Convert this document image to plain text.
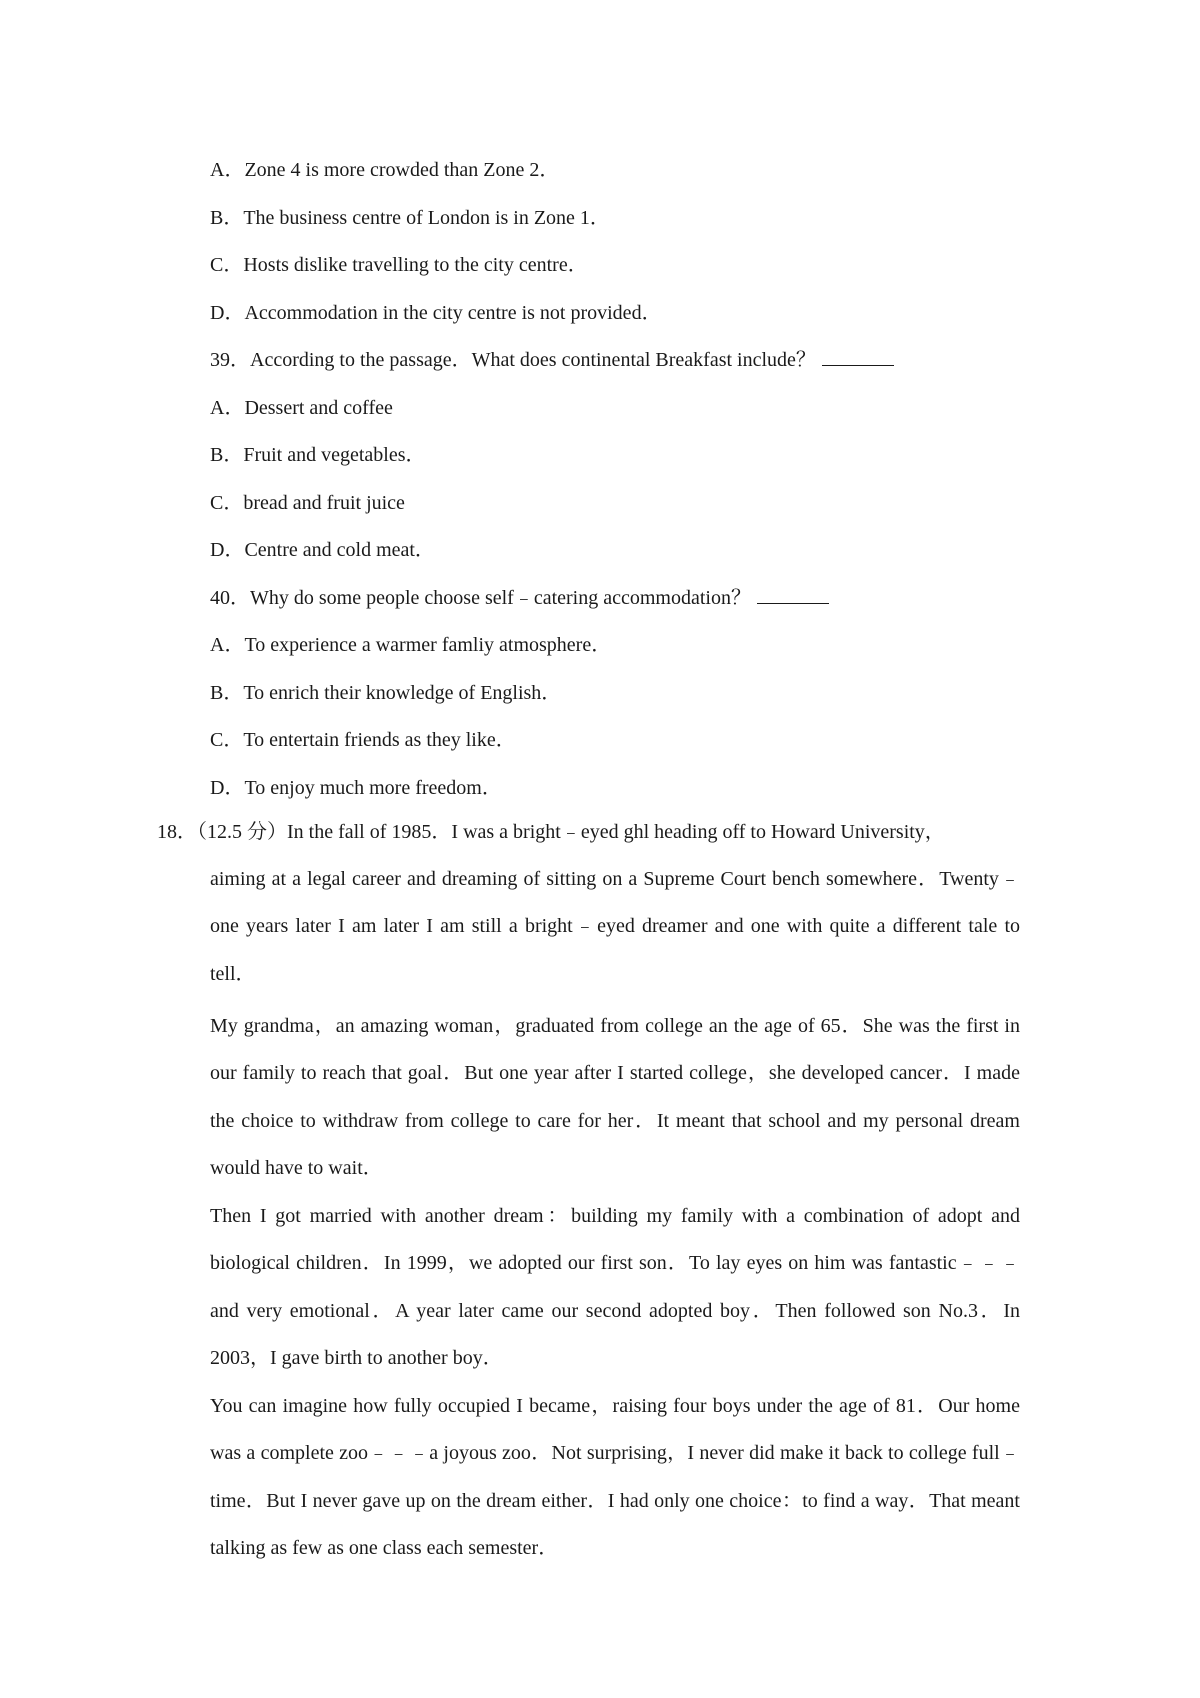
A．Zone 4 is more crowded than Zone 2．
B．The business centre of London is in Zone 1．
C．Hosts dislike travelling to the city centre．
D．Accommodation in the city centre is not provided．
39．According to the passage．What does continental Breakfast include？
A．Dessert and coffee
B．Fruit and vegetables．
C．bread and fruit juice
D．Centre and cold meat．
40．Why do some people choose self﹣catering accommodation？
A．To experience a warmer famliy atmosphere．
B．To enrich their knowledge of English．
C．To entertain friends as they like．
D．To enjoy much more freedom．
18．（12.5 分）In the fall of 1985．I was a bright﹣eyed ghl heading off to Howard University，

aiming at a legal career and dreaming of sitting on a Supreme Court bench somewhere．Twenty﹣one years later I am later I am still a bright﹣eyed dreamer and one with quite a different tale to tell．

My grandma，an amazing woman，graduated from college an the age of 65．She was the first in our family to reach that goal．But one year after I started college，she developed cancer．I made the choice to withdraw from college to care for her．It meant that school and my personal dream would have to wait．

Then I got married with another dream：building my family with a combination of adopt and biological children．In 1999，we adopted our first son．To lay eyes on him was fantastic﹣﹣﹣and very emotional．A year later came our second adopted boy．Then followed son No.3．In 2003，I gave birth to another boy．

You can imagine how fully occupied I became，raising four boys under the age of 81．Our home was a complete zoo﹣﹣﹣a joyous zoo．Not surprising，I never did make it back to college full﹣time．But I never gave up on the dream either．I had only one choice：to find a way．That meant talking as few as one class each semester．
